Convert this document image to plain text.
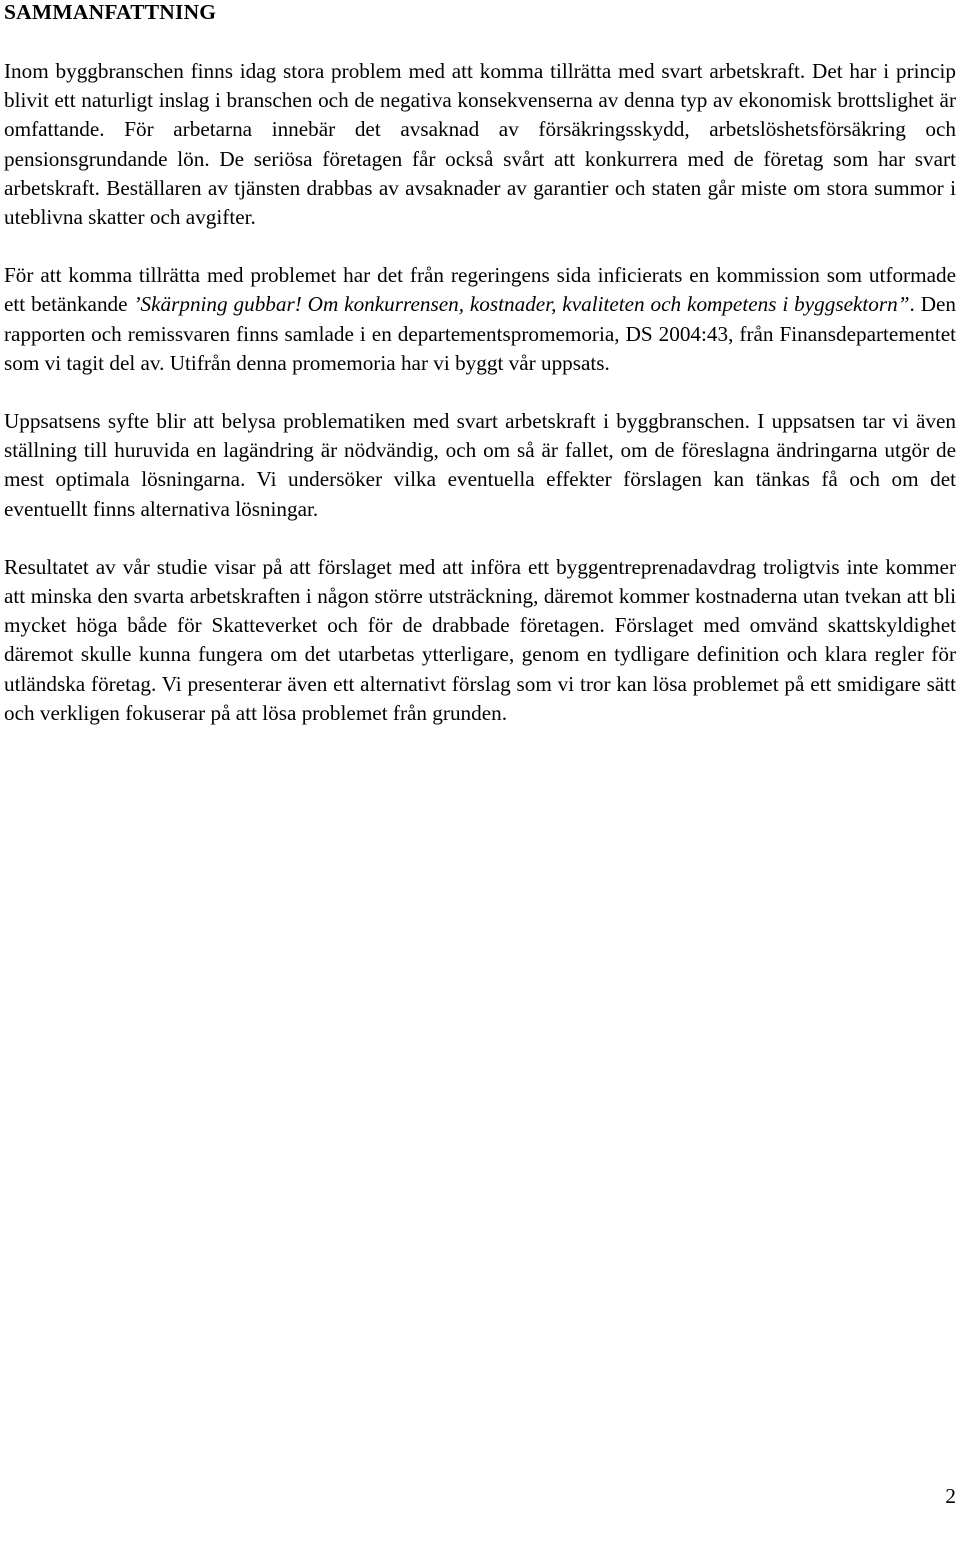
SAMMANFATTNING

Inom byggbranschen finns idag stora problem med att komma tillrätta med svart arbetskraft. Det har i princip blivit ett naturligt inslag i branschen och de negativa konsekvenserna av denna typ av ekonomisk brottslighet är omfattande. För arbetarna innebär det avsaknad av försäkringsskydd, arbetslöshetsförsäkring och pensionsgrundande lön. De seriösa företagen får också svårt att konkurrera med de företag som har svart arbetskraft. Beställaren av tjänsten drabbas av avsaknader av garantier och staten går miste om stora summor i uteblivna skatter och avgifter.

För att komma tillrätta med problemet har det från regeringens sida inficierats en kommission som utformade ett betänkande ’Skärpning gubbar! Om konkurrensen, kostnader, kvaliteten och kompetens i byggsektorn”. Den rapporten och remissvaren finns samlade i en departementspromemoria, DS 2004:43, från Finansdepartementet som vi tagit del av. Utifrån denna promemoria har vi byggt vår uppsats.

Uppsatsens syfte blir att belysa problematiken med svart arbetskraft i byggbranschen. I uppsatsen tar vi även ställning till huruvida en lagändring är nödvändig, och om så är fallet, om de föreslagna ändringarna utgör de mest optimala lösningarna. Vi undersöker vilka eventuella effekter förslagen kan tänkas få och om det eventuellt finns alternativa lösningar.

Resultatet av vår studie visar på att förslaget med att införa ett byggentreprenadavdrag troligtvis inte kommer att minska den svarta arbetskraften i någon större utsträckning, däremot kommer kostnaderna utan tvekan att bli mycket höga både för Skatteverket och för de drabbade företagen. Förslaget med omvänd skattskyldighet däremot skulle kunna fungera om det utarbetas ytterligare, genom en tydligare definition och klara regler för utländska företag. Vi presenterar även ett alternativt förslag som vi tror kan lösa problemet på ett smidigare sätt och verkligen fokuserar på att lösa problemet från grunden.

2
